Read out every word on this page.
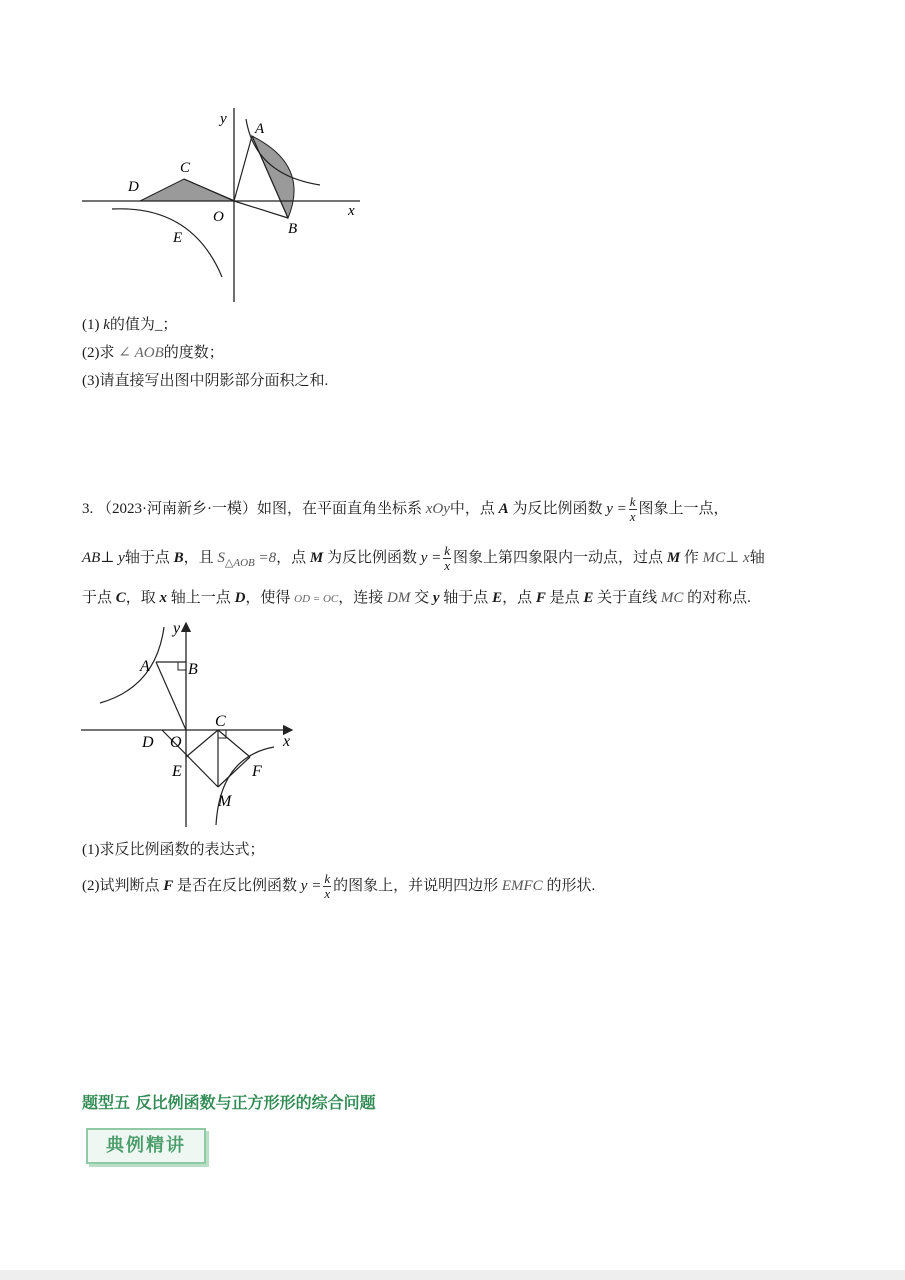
y
A
C
D
O	x
E
B
(1) k的值为_；
(2)求 ∠ AOB的度数；
(3)请直接写出图中阴影部分面积之和.
3. （2023·河南新乡·一模）如图，在平面直角坐标系 xOy中，点 A 为反比例函数 $y = \frac{k}{x}$ 图象上一点，
AB⊥ y轴于点 B，且 $S_{\triangle AOB} =8$，点 M 为反比例函数 $y = \frac{k}{x}$ 图象上第四象限内一动点，过点 M 作 MC⊥ x轴
于点 C，取 x 轴上一点 D，使得 OD = OC，连接 DM 交 y 轴于点 E，点 F 是点 E 关于直线 MC 的对称点.
y
A B
C
D O	x
E	F
M
(1)求反比例函数的表达式；
(2)试判断点 F 是否在反比例函数 $y = \frac{k}{x}$ 的图象上，并说明四边形 EMFC 的形状.
题型五 反比例函数与正方形形的综合问题
典例精讲
